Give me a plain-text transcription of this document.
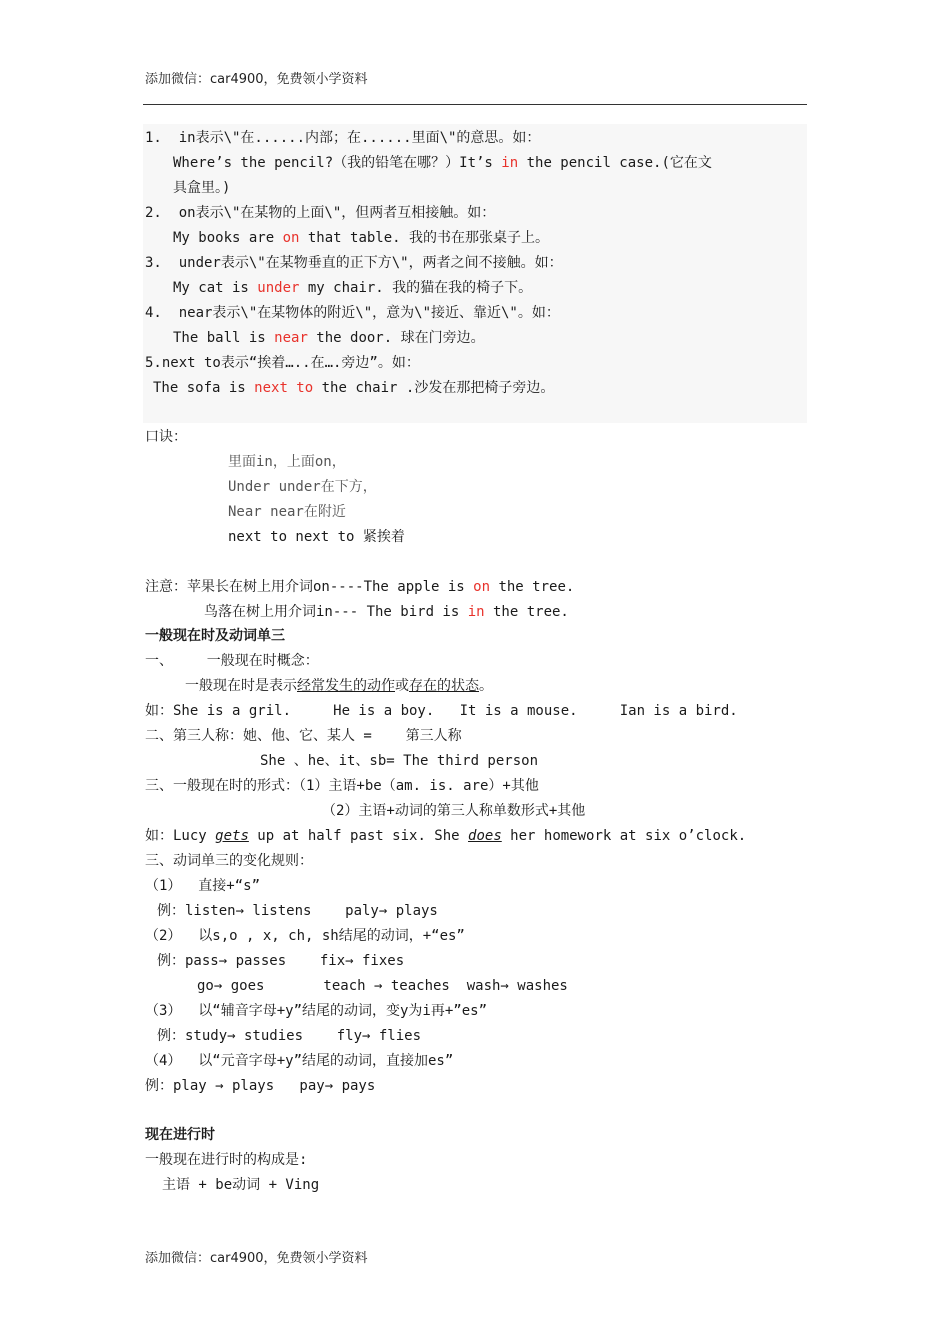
添加微信：car4900，免费领小学资料
1.  in表示\"在......内部；在......里面\"的意思。如：
Where’s the pencil?（我的铅笔在哪？）It’s in the pencil case.(它在文
具盒里。)
2.  on表示\"在某物的上面\"，但两者互相接触。如：
My books are on that table. 我的书在那张桌子上。
3.  under表示\"在某物垂直的正下方\"，两者之间不接触。如：
My cat is under my chair. 我的猫在我的椅子下。
4.  near表示\"在某物体的附近\"，意为\"接近、靠近\"。如：
The ball is near the door. 球在门旁边。
5.next to表示“挨着…..在….旁边”。如：
The sofa is next to the chair .沙发在那把椅子旁边。
口诀：
里面in，上面on，
Under under在下方，
Near near在附近
next to next to 紧挨着
注意：苹果长在树上用介词on----The apple is on the tree.
鸟落在树上用介词in--- The bird is in the tree.
一般现在时及动词单三
一、    一般现在时概念：
一般现在时是表示经常发生的动作或存在的状态。
如：She is a gril.     He is a boy.   It is a mouse.     Ian is a bird.
二、第三人称：她、他、它、某人 =    第三人称
She 、he、it、sb= The third person
三、一般现在时的形式：（1）主语+be（am. is. are）+其他
（2）主语+动词的第三人称单数形式+其他
如：Lucy gets up at half past six. She does her homework at six o’clock.
三、动词单三的变化规则：
（1）  直接+“s”
例：listen→ listens    paly→ plays
（2）  以s,o , x, ch, sh结尾的动词，+“es”
例：pass→ passes    fix→ fixes
go→ goes       teach → teaches  wash→ washes
（3）  以“辅音字母+y”结尾的动词，变y为i再+”es”
例：study→ studies    fly→ flies
（4）  以“元音字母+y”结尾的动词，直接加es”
例：play → plays   pay→ pays
现在进行时
一般现在进行时的构成是:
主语 + be动词 + Ving
添加微信：car4900，免费领小学资料
